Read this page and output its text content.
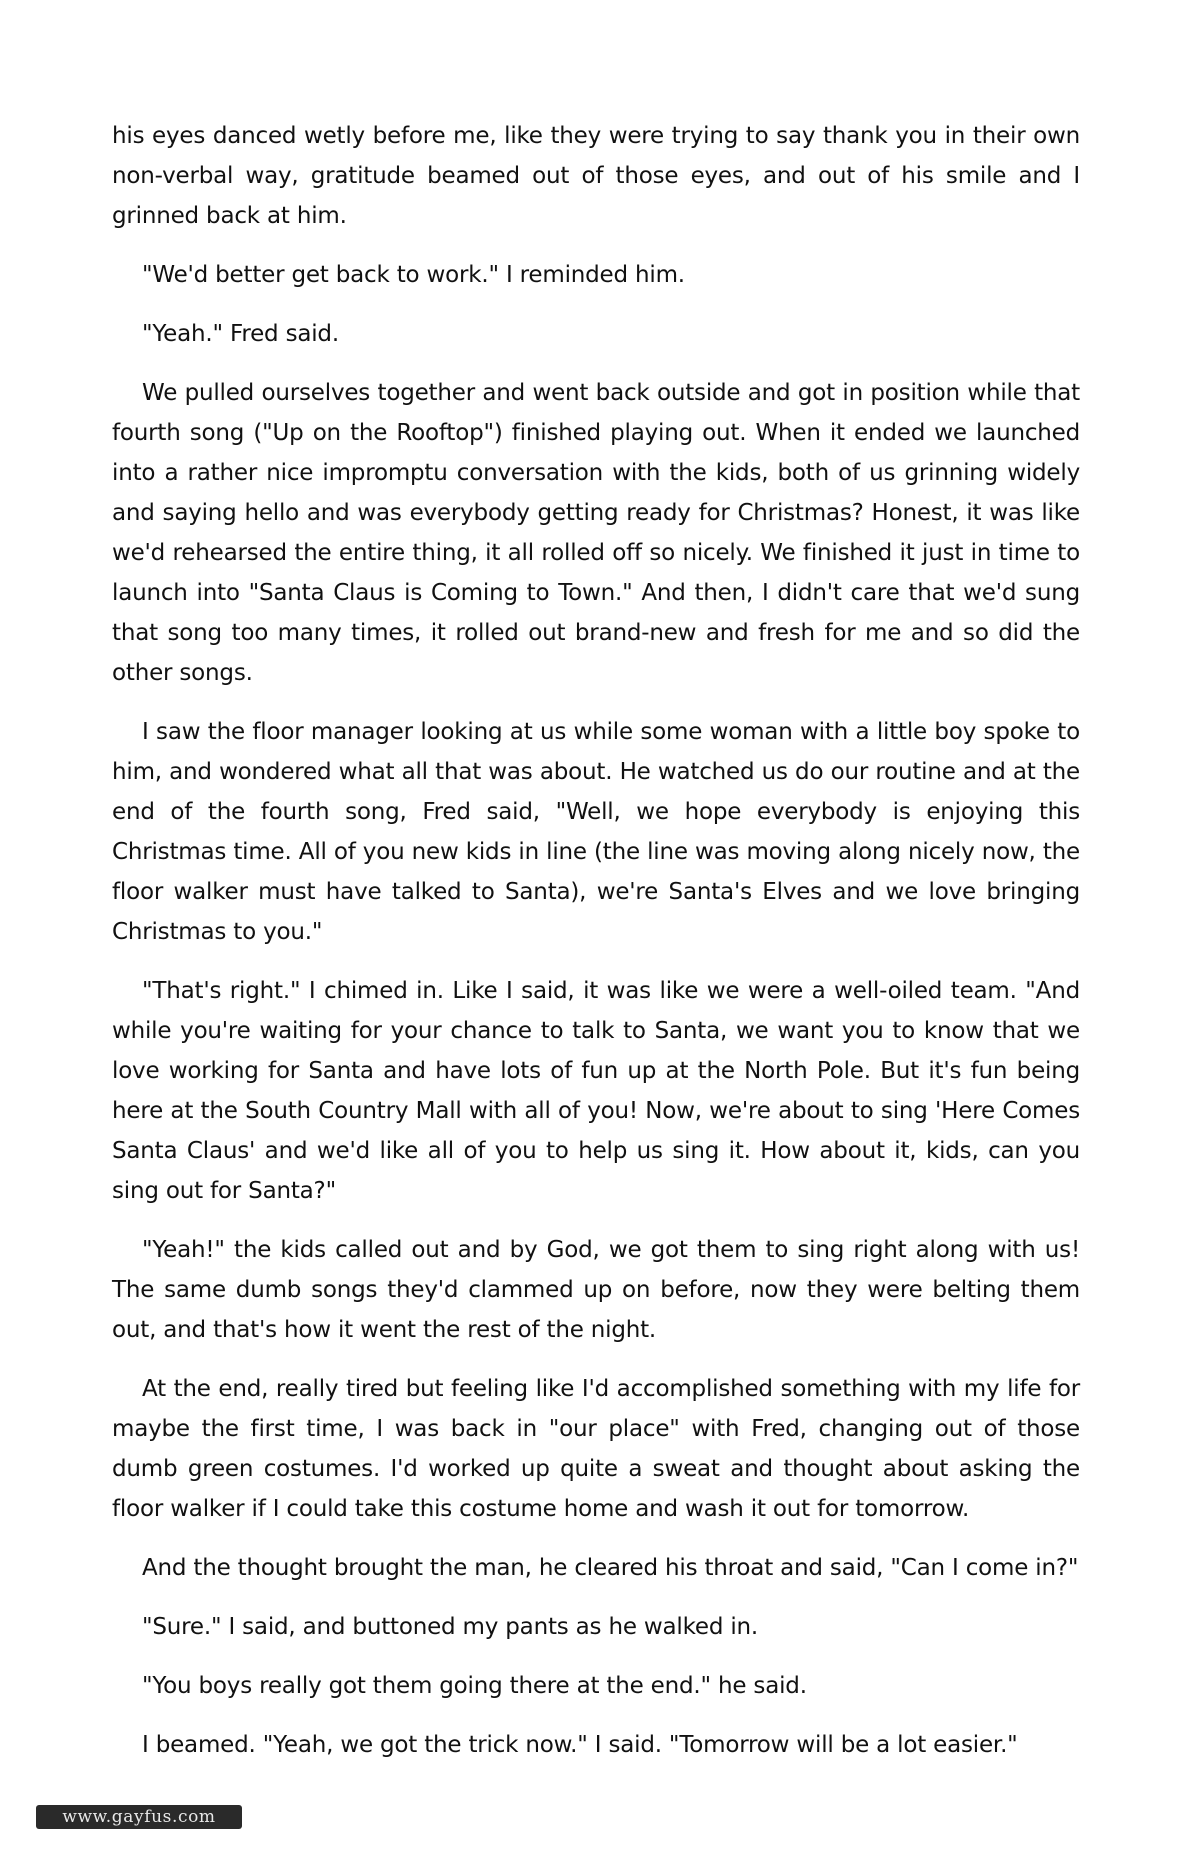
his eyes danced wetly before me, like they were trying to say thank you in their own non-verbal way, gratitude beamed out of those eyes, and out of his smile and I grinned back at him.

"We'd better get back to work." I reminded him.

"Yeah." Fred said.

We pulled ourselves together and went back outside and got in position while that fourth song ("Up on the Rooftop") finished playing out. When it ended we launched into a rather nice impromptu conversation with the kids, both of us grinning widely and saying hello and was everybody getting ready for Christmas? Honest, it was like we'd rehearsed the entire thing, it all rolled off so nicely. We finished it just in time to launch into "Santa Claus is Coming to Town." And then, I didn't care that we'd sung that song too many times, it rolled out brand-new and fresh for me and so did the other songs.

I saw the floor manager looking at us while some woman with a little boy spoke to him, and wondered what all that was about. He watched us do our routine and at the end of the fourth song, Fred said, "Well, we hope everybody is enjoying this Christmas time. All of you new kids in line (the line was moving along nicely now, the floor walker must have talked to Santa), we're Santa's Elves and we love bringing Christmas to you."

"That's right." I chimed in. Like I said, it was like we were a well-oiled team. "And while you're waiting for your chance to talk to Santa, we want you to know that we love working for Santa and have lots of fun up at the North Pole. But it's fun being here at the South Country Mall with all of you! Now, we're about to sing 'Here Comes Santa Claus' and we'd like all of you to help us sing it. How about it, kids, can you sing out for Santa?"

"Yeah!" the kids called out and by God, we got them to sing right along with us! The same dumb songs they'd clammed up on before, now they were belting them out, and that's how it went the rest of the night.

At the end, really tired but feeling like I'd accomplished something with my life for maybe the first time, I was back in "our place" with Fred, changing out of those dumb green costumes. I'd worked up quite a sweat and thought about asking the floor walker if I could take this costume home and wash it out for tomorrow.

And the thought brought the man, he cleared his throat and said, "Can I come in?"

"Sure." I said, and buttoned my pants as he walked in.

"You boys really got them going there at the end." he said.

I beamed. "Yeah, we got the trick now." I said. "Tomorrow will be a lot easier."

www.gayfus.com
